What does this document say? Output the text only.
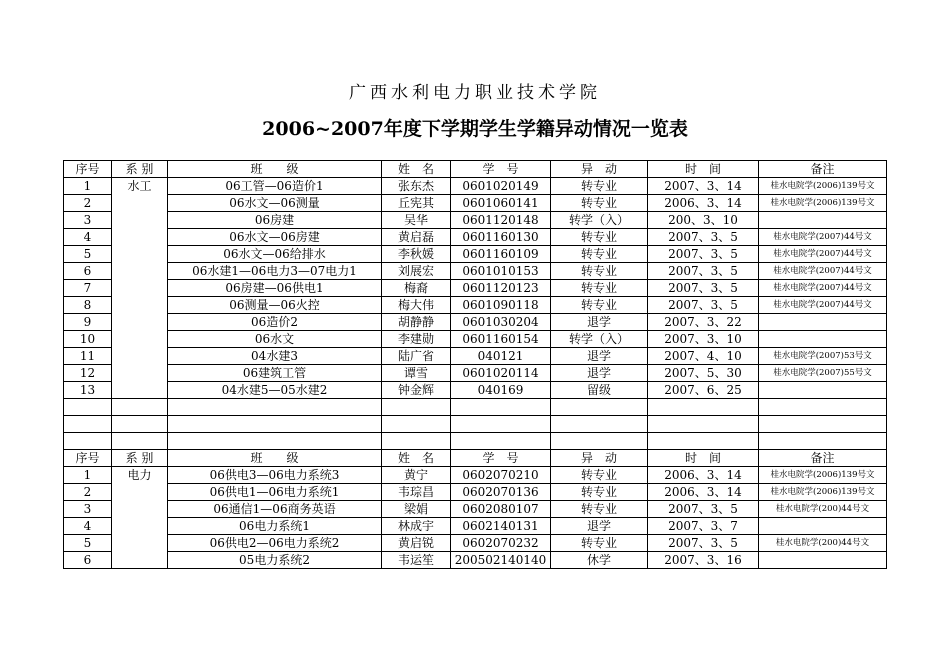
广西水利电力职业技术学院
2006~2007年度下学期学生学籍异动情况一览表
序号	系 别	班　　级	姓　名	学　号	异　动	时　间	备注
1	水工	06工管—06造价1	张东杰	0601020149	转专业	2007、3、14	桂水电院学(2006)139号文
2		06水文—06测量	丘宪其	0601060141	转专业	2006、3、14	桂水电院学(2006)139号文
3		06房建	吴华	0601120148	转学（入）	200、3、10	
4		06水文—06房建	黄启磊	0601160130	转专业	2007、3、5	桂水电院学(2007)44号文
5		06水文—06给排水	李秋媛	0601160109	转专业	2007、3、5	桂水电院学(2007)44号文
6		06水建1—06电力3—07电力1	刘展宏	0601010153	转专业	2007、3、5	桂水电院学(2007)44号文
7		06房建—06供电1	梅裔	0601120123	转专业	2007、3、5	桂水电院学(2007)44号文
8		06测量—06火控	梅大伟	0601090118	转专业	2007、3、5	桂水电院学(2007)44号文
9		06造价2	胡静静	0601030204	退学	2007、3、22	
10		06水文	李建勋	0601160154	转学（入）	2007、3、10	
11		04水建3	陆广省	040121	退学	2007、4、10	桂水电院学(2007)53号文
12		06建筑工管	谭雪	0601020114	退学	2007、5、30	桂水电院学(2007)55号文
13		04水建5—05水建2	钟金辉	040169	留级	2007、6、25	

序号	系 别	班　　级	姓　名	学　号	异　动	时　间	备注
1	电力	06供电3—06电力系统3	黄宁	0602070210	转专业	2006、3、14	桂水电院学(2006)139号文
2		06供电1—06电力系统1	韦琮昌	0602070136	转专业	2006、3、14	桂水电院学(2006)139号文
3		06通信1—06商务英语	梁娟	0602080107	转专业	2007、3、5	桂水电院学(200)44号文
4		06电力系统1	林成宇	0602140131	退学	2007、3、7	
5		06供电2—06电力系统2	黄启锐	0602070232	转专业	2007、3、5	桂水电院学(200)44号文
6		05电力系统2	韦运笙	200502140140	休学	2007、3、16	
